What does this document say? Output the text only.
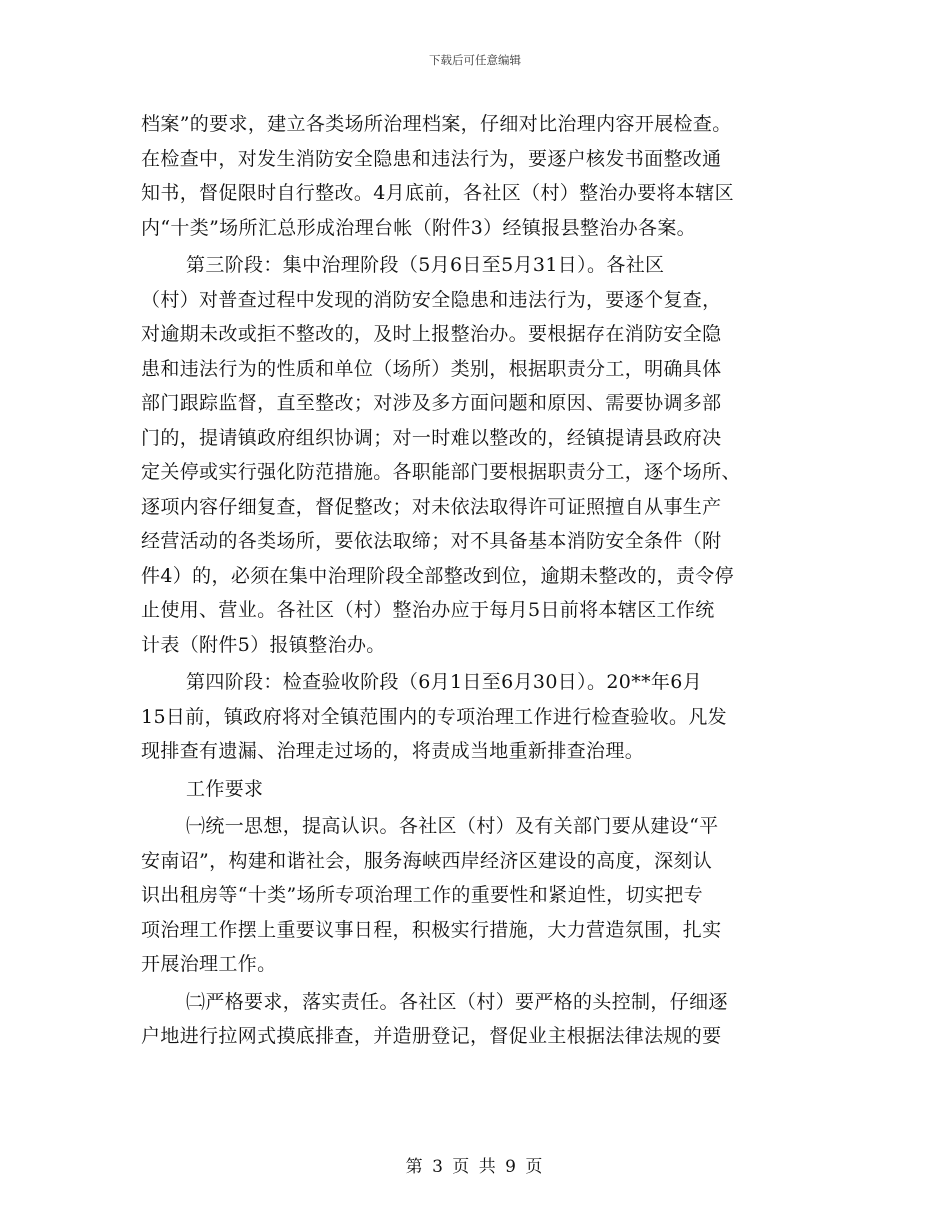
下载后可任意编辑
档案”的要求，建立各类场所治理档案，仔细对比治理内容开展检查。
在检查中，对发生消防安全隐患和违法行为，要逐户核发书面整改通
知书，督促限时自行整改。4月底前，各社区（村）整治办要将本辖区
内“十类”场所汇总形成治理台帐（附件3）经镇报县整治办各案。
第三阶段：集中治理阶段（5月6日至5月31日）。各社区
（村）对普查过程中发现的消防安全隐患和违法行为，要逐个复查，
对逾期未改或拒不整改的，及时上报整治办。要根据存在消防安全隐
患和违法行为的性质和单位（场所）类别，根据职责分工，明确具体
部门跟踪监督，直至整改；对涉及多方面问题和原因、需要协调多部
门的，提请镇政府组织协调；对一时难以整改的，经镇提请县政府决
定关停或实行强化防范措施。各职能部门要根据职责分工，逐个场所、
逐项内容仔细复查，督促整改；对未依法取得许可证照擅自从事生产
经营活动的各类场所，要依法取缔；对不具备基本消防安全条件（附
件4）的，必须在集中治理阶段全部整改到位，逾期未整改的，责令停
止使用、营业。各社区（村）整治办应于每月5日前将本辖区工作统
计表（附件5）报镇整治办。
第四阶段：检查验收阶段（6月1日至6月30日）。20**年6月
15日前，镇政府将对全镇范围内的专项治理工作进行检查验收。凡发
现排查有遗漏、治理走过场的，将责成当地重新排查治理。
工作要求
㈠统一思想，提高认识。各社区（村）及有关部门要从建设“平
安南诏”，构建和谐社会，服务海峡西岸经济区建设的高度，深刻认
识出租房等“十类”场所专项治理工作的重要性和紧迫性，切实把专
项治理工作摆上重要议事日程，积极实行措施，大力营造氛围，扎实
开展治理工作。
㈡严格要求，落实责任。各社区（村）要严格的头控制，仔细逐
户地进行拉网式摸底排查，并造册登记，督促业主根据法律法规的要
第 3 页 共 9 页
